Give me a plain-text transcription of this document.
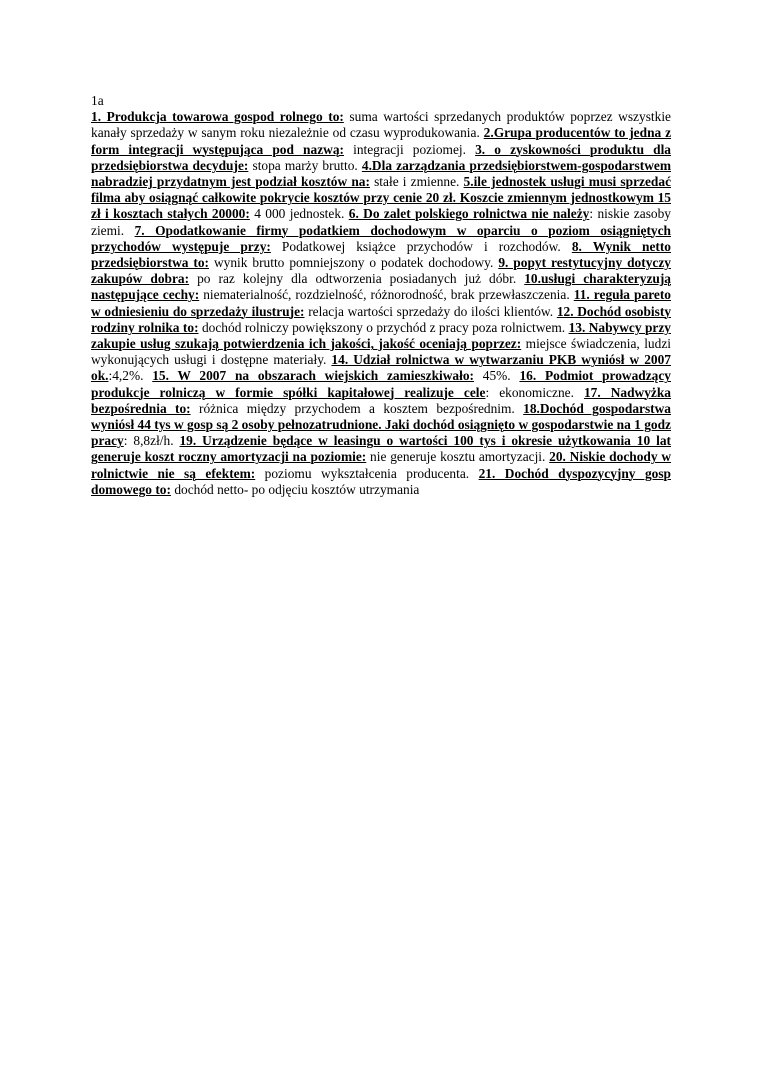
1a

1. Produkcja towarowa gospod rolnego to: suma wartości sprzedanych produktów poprzez wszystkie kanały sprzedaży w sanym roku niezależnie od czasu wyprodukowania. 2.Grupa producentów to jedna z form integracji występująca pod nazwą: integracji poziomej. 3. o zyskowności produktu dla przedsiębiorstwa decyduje: stopa marży brutto. 4.Dla zarządzania przedsiębiorstwem-gospodarstwem nabradziej przydatnym jest podział kosztów na: stałe i zmienne. 5.ile jednostek usługi musi sprzedać filma aby osiągnąć całkowite pokrycie kosztów przy cenie 20 zł. Koszcie zmiennym jednostkowym 15 zł i kosztach stałych 20000: 4 000 jednostek. 6. Do zalet polskiego rolnictwa nie należy: niskie zasoby ziemi. 7. Opodatkowanie firmy podatkiem dochodowym w oparciu o poziom osiągniętych przychodów występuje przy: Podatkowej książce przychodów i rozchodów. 8. Wynik netto przedsiębiorstwa to: wynik brutto pomniejszony o podatek dochodowy. 9. popyt restytucyjny dotyczy zakupów dobra: po raz kolejny dla odtworzenia posiadanych już dóbr. 10.usługi charakteryzują następujące cechy: niematerialność, rozdzielność, różnorodność, brak przewłaszczenia. 11. reguła pareto w odniesieniu do sprzedaży ilustruje: relacja wartości sprzedaży do ilości klientów. 12. Dochód osobisty rodziny rolnika to: dochód rolniczy powiększony o przychód z pracy poza rolnictwem. 13. Nabywcy przy zakupie usług szukają potwierdzenia ich jakości, jakość oceniają poprzez: miejsce świadczenia, ludzi wykonujących usługi i dostępne materiały. 14. Udział rolnictwa w wytwarzaniu PKB wyniósł w 2007 ok.:4,2%. 15. W 2007 na obszarach wiejskich zamieszkiwało: 45%. 16. Podmiot prowadzący produkcje rolniczą w formie spółki kapitałowej realizuje cele: ekonomiczne. 17. Nadwyżka bezpośrednia to: różnica między przychodem a kosztem bezpośrednim. 18.Dochód gospodarstwa wyniósł 44 tys w gosp są 2 osoby pełnozatrudnione. Jaki dochód osiągnięto w gospodarstwie na 1 godz pracy: 8,8zł/h. 19. Urządzenie będące w leasingu o wartości 100 tys i okresie użytkowania 10 lat generuje koszt roczny amortyzacji na poziomie: nie generuje kosztu amortyzacji. 20. Niskie dochody w rolnictwie nie są efektem: poziomu wykształcenia producenta. 21. Dochód dyspozycyjny gosp domowego to: dochód netto- po odjęciu kosztów utrzymania
